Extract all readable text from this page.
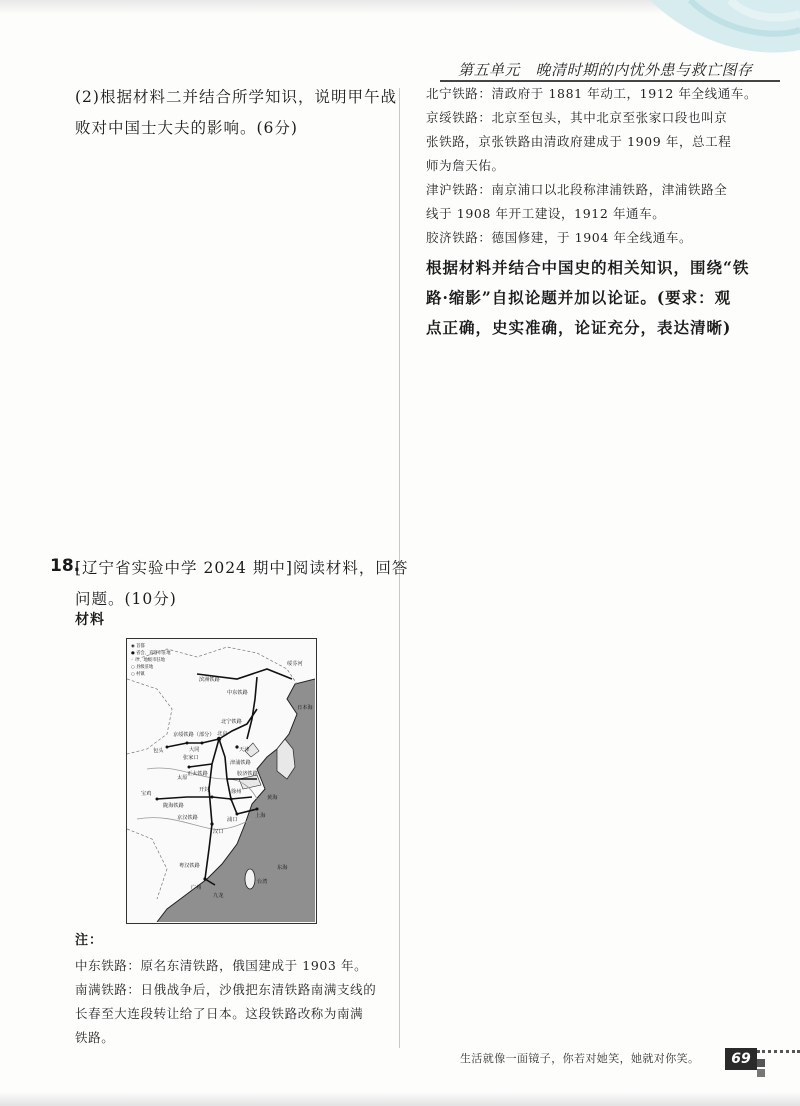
第五单元　晚清时期的内忧外患与救亡图存
(2)根据材料二并结合所学知识，说明甲午战
败对中国士大夫的影响。(6分)
18.
[辽宁省实验中学 2024 期中]阅读材料，回答
问题。(10分)
材料
◉ 首都
● 省会、直辖市驻地
◦ 市、地级市驻地
○ 县级驻地
○ 村镇
滨洲铁路
中东铁路
绥芬河
北宁铁路
京绥铁路（部分）
包头	大同
北京
张家口
天津
津浦铁路
胶济铁路
正太铁路
太原
开封	徐州
陇海铁路
宝鸡
浦口
上海
京汉铁路
汉口
粤汉铁路
广州
九龙
台湾
日本海
黄海
东海
注：
中东铁路：原名东清铁路，俄国建成于 1903 年。
南满铁路：日俄战争后，沙俄把东清铁路南满支线的
长春至大连段转让给了日本。这段铁路改称为南满
铁路。
北宁铁路：清政府于 1881 年动工，1912 年全线通车。
京绥铁路：北京至包头，其中北京至张家口段也叫京
张铁路，京张铁路由清政府建成于 1909 年，总工程
师为詹天佑。
津沪铁路：南京浦口以北段称津浦铁路，津浦铁路全
线于 1908 年开工建设，1912 年通车。
胶济铁路：德国修建，于 1904 年全线通车。
根据材料并结合中国史的相关知识，围绕“铁
路·缩影”自拟论题并加以论证。(要求：观
点正确，史实准确，论证充分，表达清晰)
生活就像一面镜子，你若对她笑，她就对你笑。	69
